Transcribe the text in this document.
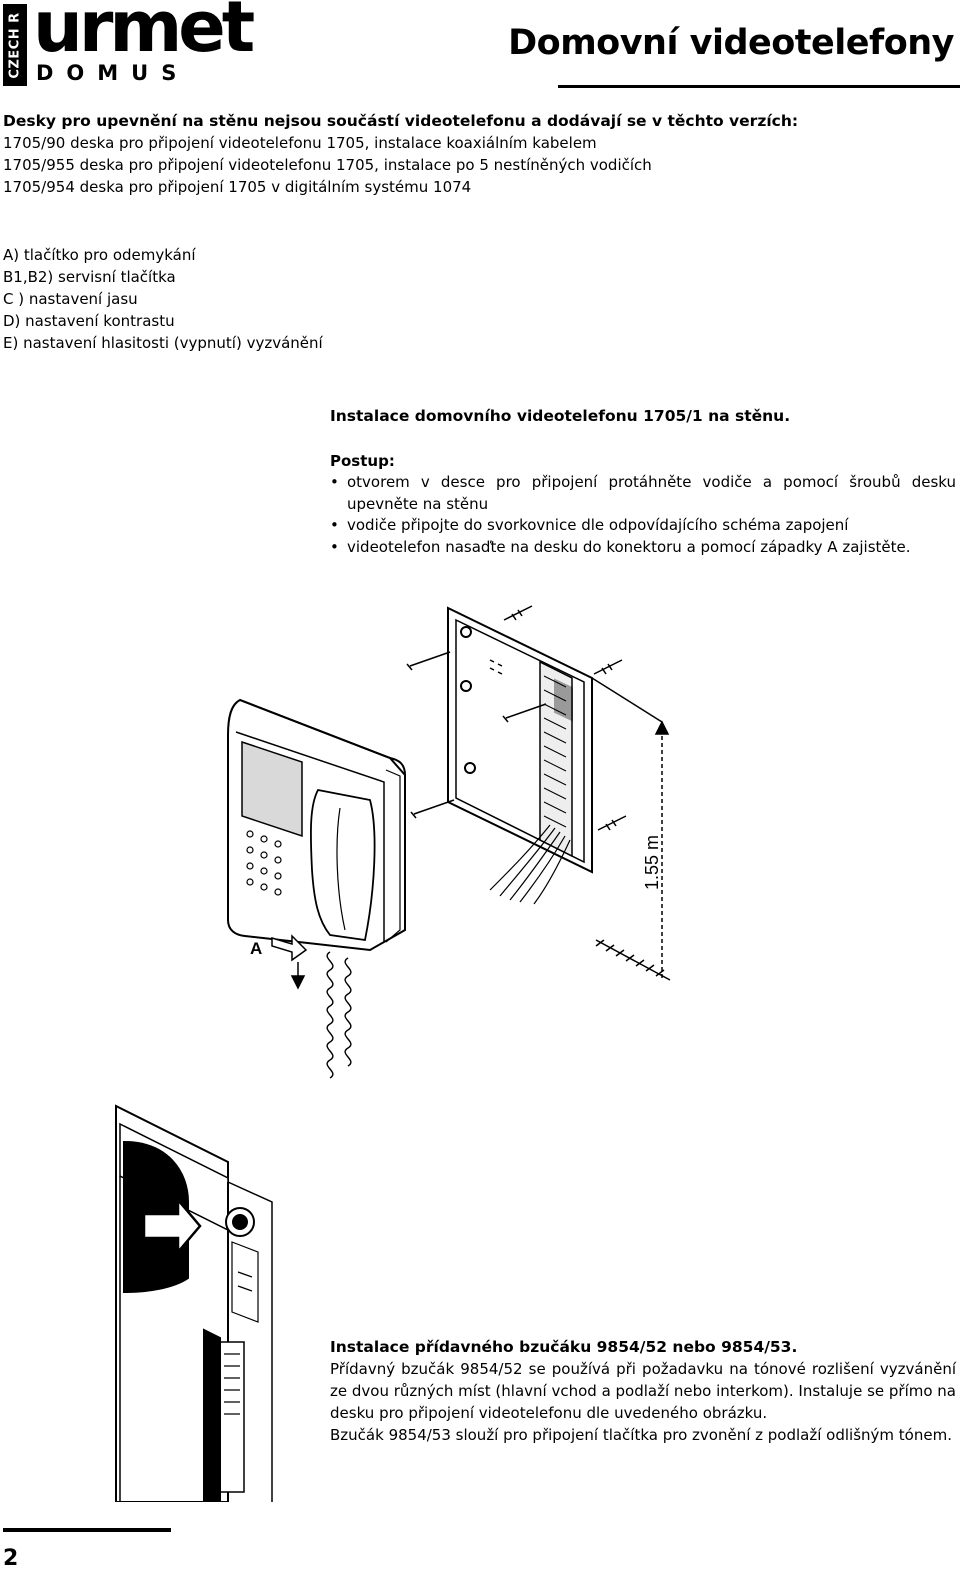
CZECH R urmet
DOMUS
Domovní videotelefony
Desky pro upevnění na stěnu nejsou součástí videotelefonu a dodávají se v těchto verzích:
1705/90 deska pro připojení videotelefonu 1705, instalace koaxiálním kabelem
1705/955 deska pro připojení videotelefonu 1705, instalace po 5 nestíněných vodičích
1705/954 deska pro připojení 1705 v digitálním systému 1074
A) tlačítko pro odemykání
B1,B2) servisní tlačítka
C ) nastavení jasu
D) nastavení kontrastu
E) nastavení hlasitosti (vypnutí) vyzvánění
Instalace domovního videotelefonu 1705/1 na stěnu.
Postup:
• otvorem v desce pro připojení protáhněte vodiče a pomocí šroubů desku upevněte na stěnu
• vodiče připojte do svorkovnice dle odpovídajícího schéma zapojení
• videotelefon nasaďte na desku do konektoru a pomocí západky A zajistěte.
A
1.55 m
Instalace přídavného bzučáku 9854/52 nebo 9854/53.
Přídavný bzučák 9854/52 se používá při požadavku na tónové rozlišení vyzvánění ze dvou různých míst (hlavní vchod a podlaží nebo interkom). Instaluje se přímo na desku pro připojení videotelefonu dle uvedeného obrázku.
Bzučák 9854/53 slouží pro připojení tlačítka pro zvonění z podlaží odlišným tónem.
2
